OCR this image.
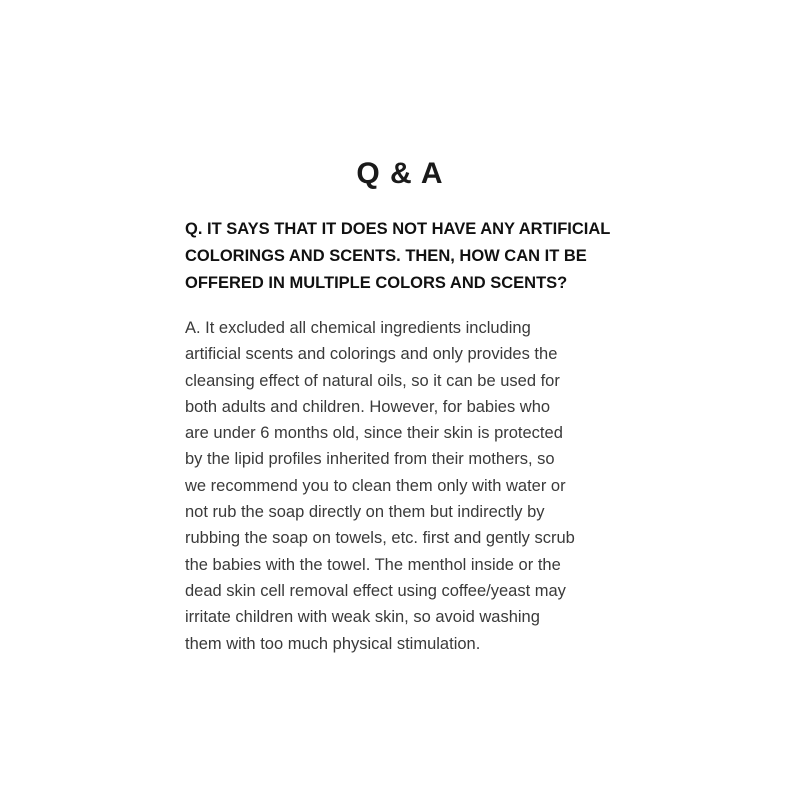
Q & A

Q. IT SAYS THAT IT DOES NOT HAVE ANY ARTIFICIAL
COLORINGS AND SCENTS. THEN, HOW CAN IT BE
OFFERED IN MULTIPLE COLORS AND SCENTS?

A. It excluded all chemical ingredients including
artificial scents and colorings and only provides the
cleansing effect of natural oils, so it can be used for
both adults and children. However, for babies who
are under 6 months old, since their skin is protected
by the lipid profiles inherited from their mothers, so
we recommend you to clean them only with water or
not rub the soap directly on them but indirectly by
rubbing the soap on towels, etc. first and gently scrub
the babies with the towel. The menthol inside or the
dead skin cell removal effect using coffee/yeast may
irritate children with weak skin, so avoid washing
them with too much physical stimulation.
